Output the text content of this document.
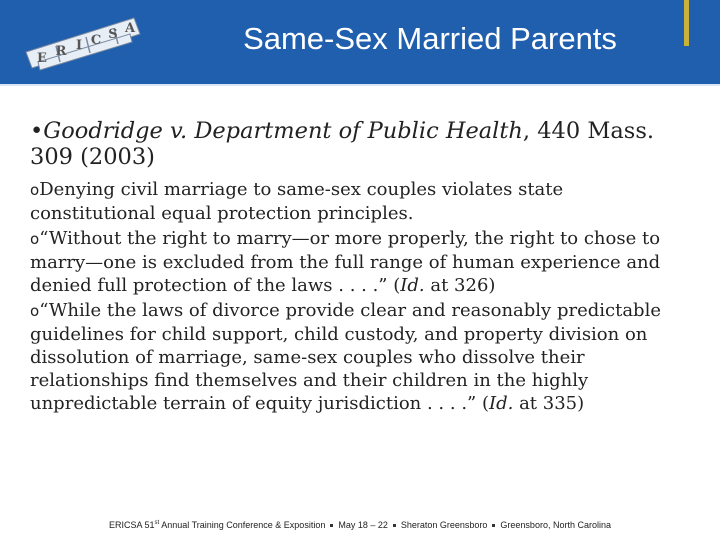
E R I C S A	Same-Sex Married Parents

•Goodridge v. Department of Public Health, 440 Mass. 309 (2003)

oDenying civil marriage to same-sex couples violates state constitutional equal protection principles.

o“Without the right to marry—or more properly, the right to chose to marry—one is excluded from the full range of human experience and denied full protection of the laws . . . .” (Id. at 326)

o“While the laws of divorce provide clear and reasonably predictable guidelines for child support, child custody, and property division on dissolution of marriage, same-sex couples who dissolve their relationships find themselves and their children in the highly unpredictable terrain of equity jurisdiction . . . .” (Id. at 335)

ERICSA 51st Annual Training Conference & Exposition May 18 – 22 Sheraton Greensboro Greensboro, North Carolina
